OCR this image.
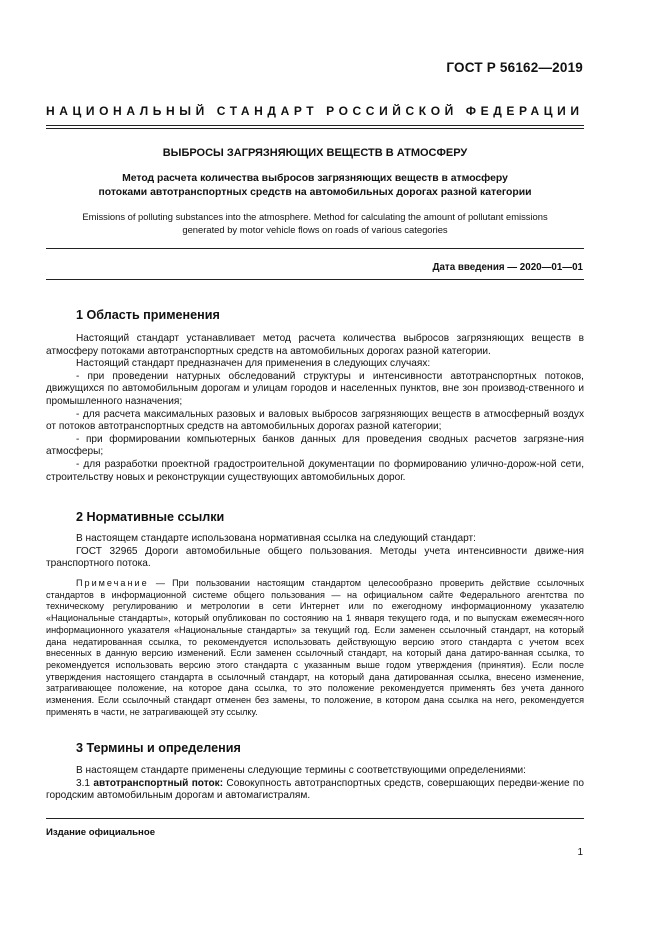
ГОСТ Р 56162—2019
НАЦИОНАЛЬНЫЙ СТАНДАРТ РОССИЙСКОЙ ФЕДЕРАЦИИ
ВЫБРОСЫ ЗАГРЯЗНЯЮЩИХ ВЕЩЕСТВ В АТМОСФЕРУ
Метод расчета количества выбросов загрязняющих веществ в атмосферу
потоками автотранспортных средств на автомобильных дорогах разной категории
Emissions of polluting substances into the atmosphere. Method for calculating the amount of pollutant emissions
generated by motor vehicle flows on roads of various categories
Дата введения — 2020—01—01
1 Область применения

Настоящий стандарт устанавливает метод расчета количества выбросов загрязняющих веществ в атмосферу потоками автотранспортных средств на автомобильных дорогах разной категории.

Настоящий стандарт предназначен для применения в следующих случаях:

- при проведении натурных обследований структуры и интенсивности автотранспортных потоков, движущихся по автомобильным дорогам и улицам городов и населенных пунктов, вне зон производ-ственного и промышленного назначения;

- для расчета максимальных разовых и валовых выбросов загрязняющих веществ в атмосферный воздух от потоков автотранспортных средств на автомобильных дорогах разной категории;

- при формировании компьютерных банков данных для проведения сводных расчетов загрязне-ния атмосферы;

- для разработки проектной градостроительной документации по формированию улично-дорож-ной сети, строительству новых и реконструкции существующих автомобильных дорог.

2 Нормативные ссылки

В настоящем стандарте использована нормативная ссылка на следующий стандарт:

ГОСТ 32965 Дороги автомобильные общего пользования. Методы учета интенсивности движе-ния транспортного потока.

Примечание — При пользовании настоящим стандартом целесообразно проверить действие ссылочных стандартов в информационной системе общего пользования — на официальном сайте Федерального агентства по техническому регулированию и метрологии в сети Интернет или по ежегодному информационному указателю «Национальные стандарты», который опубликован по состоянию на 1 января текущего года, и по выпускам ежемесяч-ного информационного указателя «Национальные стандарты» за текущий год. Если заменен ссылочный стандарт, на который дана недатированная ссылка, то рекомендуется использовать действующую версию этого стандарта с учетом всех внесенных в данную версию изменений. Если заменен ссылочный стандарт, на который дана датиро-ванная ссылка, то рекомендуется использовать версию этого стандарта с указанным выше годом утверждения (принятия). Если после утверждения настоящего стандарта в ссылочный стандарт, на который дана датированная ссылка, внесено изменение, затрагивающее положение, на которое дана ссылка, то это положение рекомендуется применять без учета данного изменения. Если ссылочный стандарт отменен без замены, то положение, в котором дана ссылка на него, рекомендуется применять в части, не затрагивающей эту ссылку.

3 Термины и определения

В настоящем стандарте применены следующие термины с соответствующими определениями:

3.1 автотранспортный поток: Совокупность автотранспортных средств, совершающих передви-жение по городским автомобильным дорогам и автомагистралям.

Издание официальное
1
